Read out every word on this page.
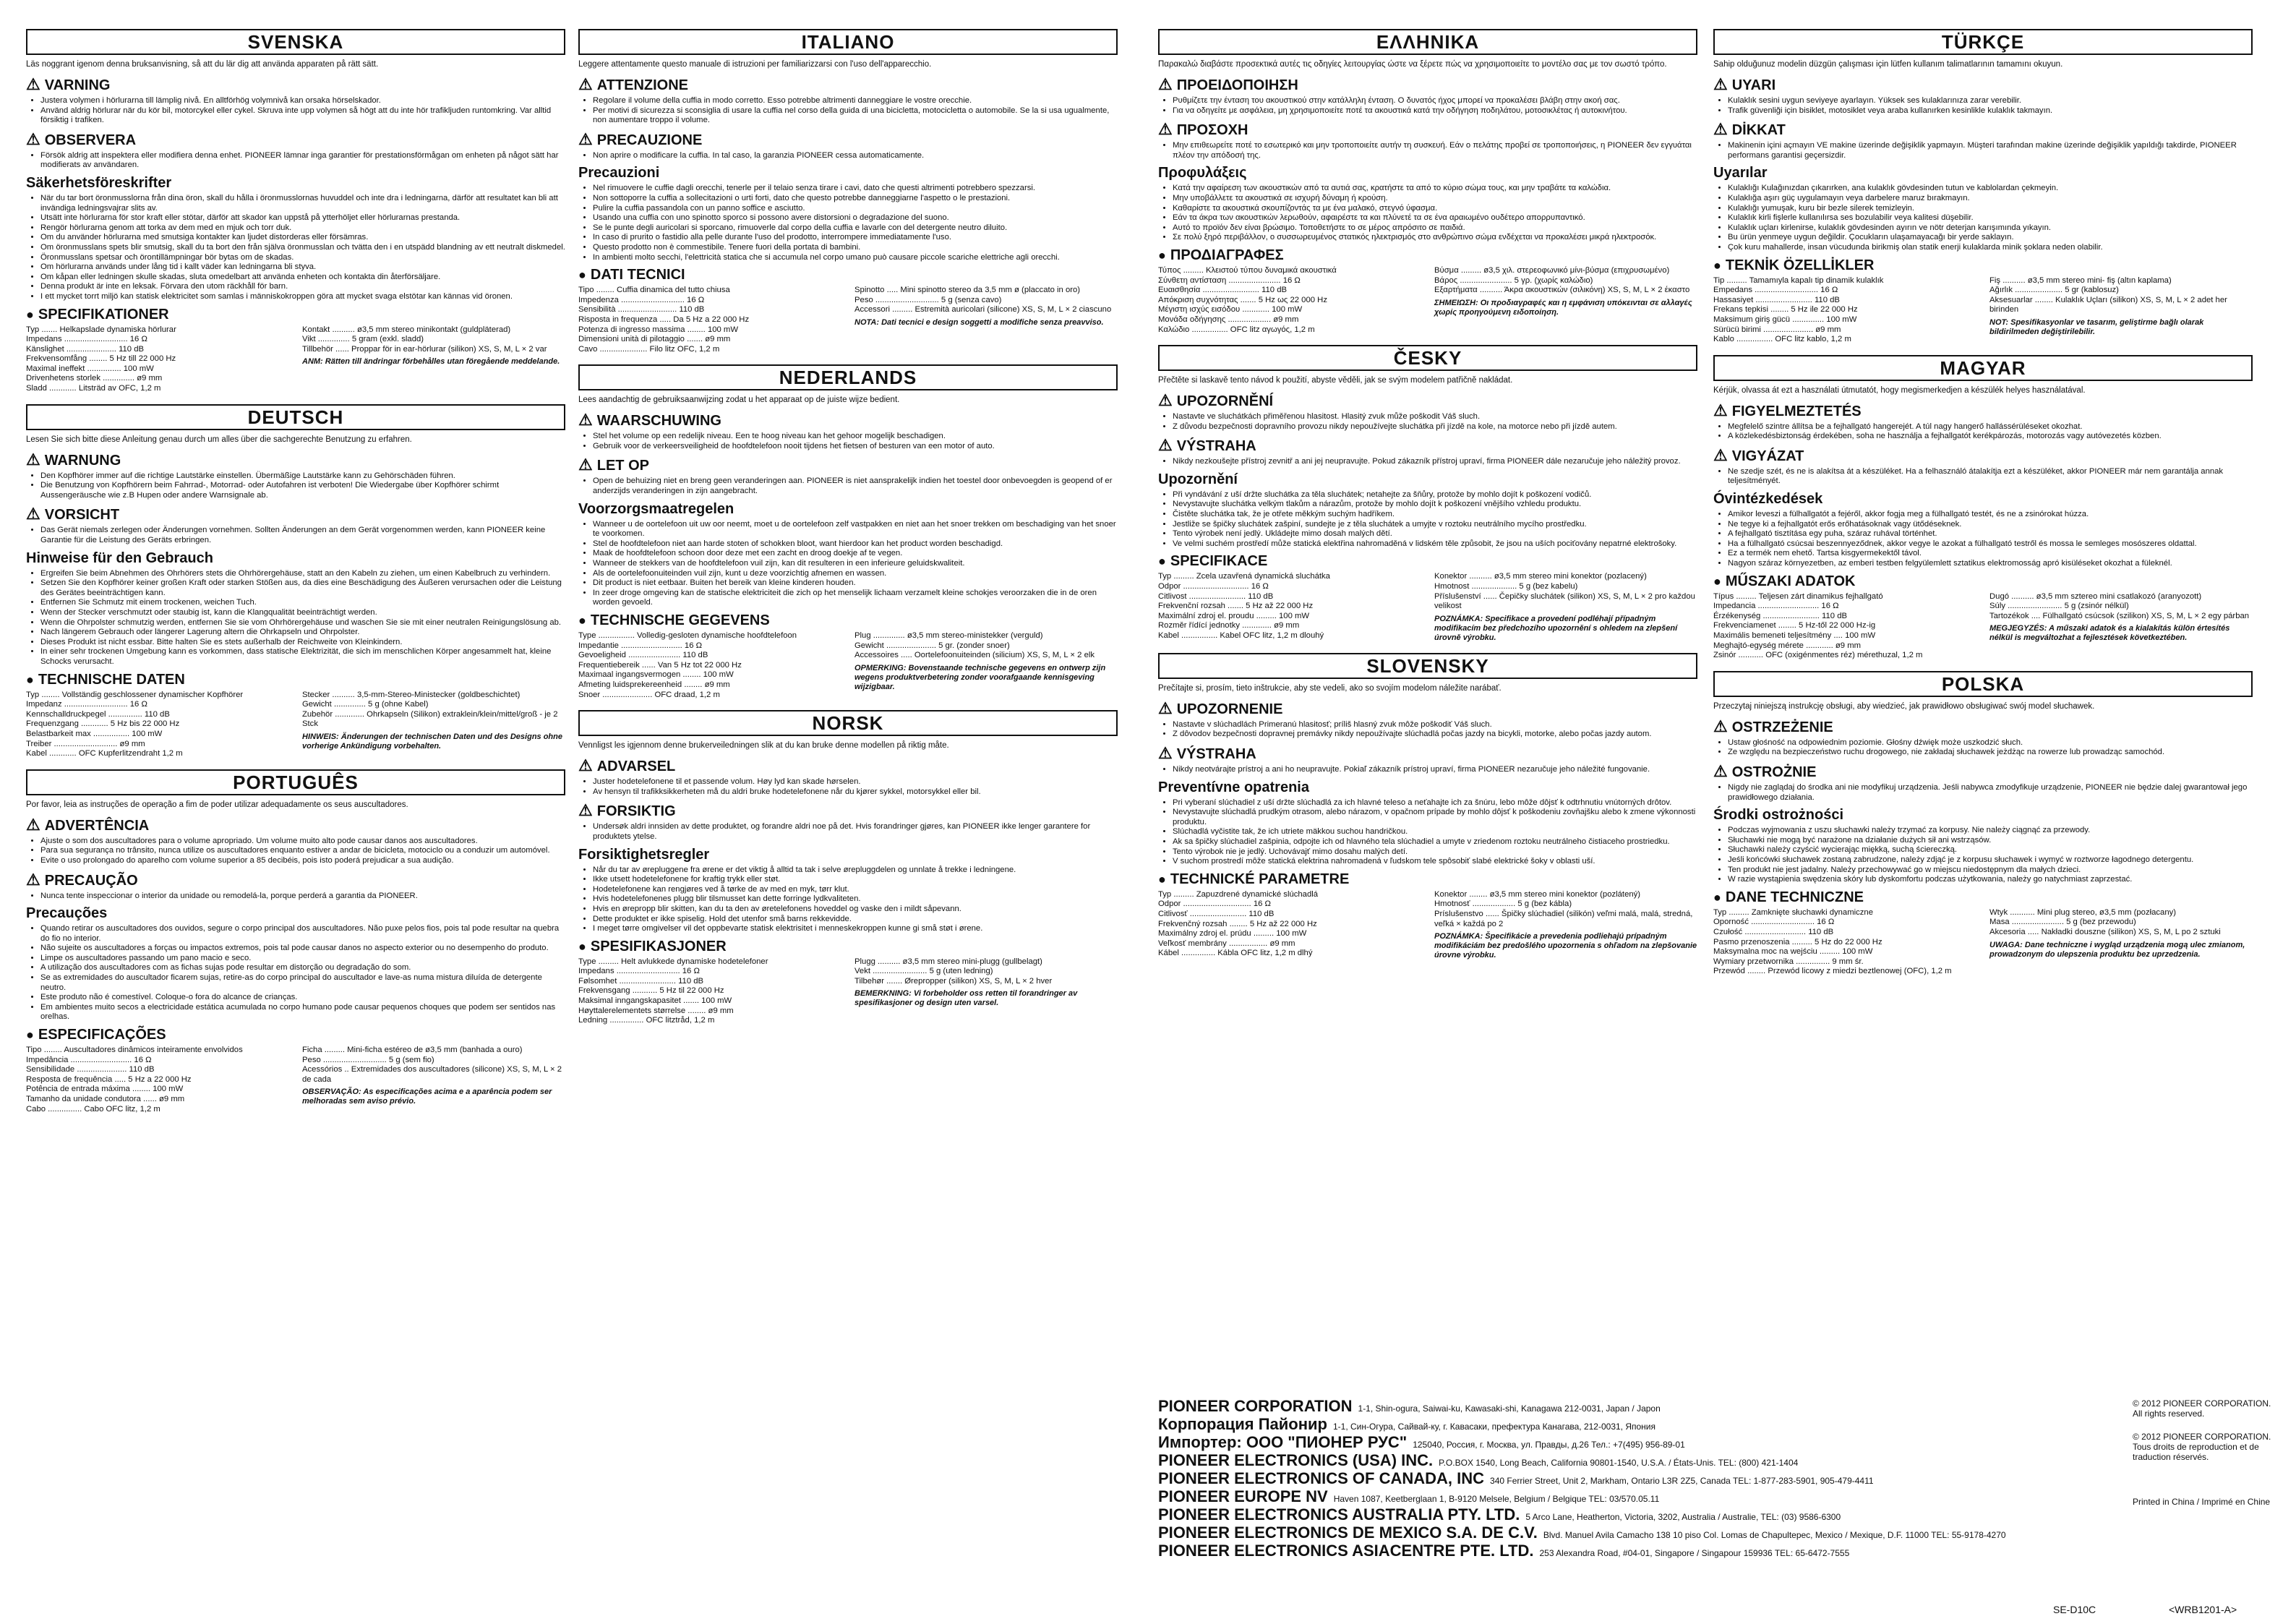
SVENSKA
Läs noggrant igenom denna bruksanvisning, så att du lär dig att använda apparaten på rätt sätt.
⚠ VARNING
• Justera volymen i hörlurarna till lämplig nivå. En alltförhög volymnivå kan orsaka hörselskador.
• Använd aldrig hörlurar när du kör bil, motorcykel eller cykel. Skruva inte upp volymen så högt att du inte hör trafikljuden runtomkring. Var alltid försiktig i trafiken.
⚠ OBSERVERA
• Försök aldrig att inspektera eller modifiera denna enhet. PIONEER lämnar inga garantier för prestationsförmågan om enheten på något sätt har modifierats av användaren.
Säkerhetsföreskrifter
• När du tar bort öronmusslorna från dina öron, skall du hålla i öronmusslornas huvuddel och inte dra i ledningarna, därför att resultatet kan bli att invändiga ledningsvajrar slits av.
• Utsätt inte hörlurarna för stor kraft eller stötar, därför att skador kan uppstå på ytterhöljet eller hörlurarnas prestanda.
• Rengör hörlurarna genom att torka av dem med en mjuk och torr duk.
• Om du använder hörlurarna med smutsiga kontakter kan ljudet distorderas eller försämras.
• Om öronmusslans spets blir smutsig, skall du ta bort den från själva öronmusslan och tvätta den i en utspädd blandning av ett neutralt diskmedel.
• Öronmusslans spetsar och örontillämpningar bör bytas om de skadas.
• Om hörlurarna används under lång tid i kallt väder kan ledningarna bli styva.
• Om kåpan eller ledningen skulle skadas, sluta omedelbart att använda enheten och kontakta din återförsäljare.
• Denna produkt är inte en leksak. Förvara den utom räckhåll för barn.
• I ett mycket torrt miljö kan statisk elektricitet som samlas i människokroppen göra att mycket svaga elstötar kan kännas vid öronen.
● SPECIFIKATIONER
Typ ....... Helkapslade dynamiska hörlurar
Impedans ............................ 16 Ω
Känslighet ...................... 110 dB
Frekvensomfång ........ 5 Hz till 22 000 Hz
Maximal ineffekt ............... 100 mW
Drivenhetens storlek .............. ø9 mm
Sladd ............ Litsträd av OFC, 1,2 m
Kontakt .......... ø3,5 mm stereo minikontakt (guldpläterad)
Vikt .............. 5 gram (exkl. sladd)
Tillbehör ...... Proppar för in ear-hörlurar (silikon) XS, S, M, L × 2 var
ANM: Rätten till ändringar förbehålles utan föregående meddelande.
DEUTSCH
Lesen Sie sich bitte diese Anleitung genau durch um alles über die sachgerechte Benutzung zu erfahren.
⚠ WARNUNG
• Den Kopfhörer immer auf die richtige Lautstärke einstellen. Übermäßige Lautstärke kann zu Gehörschäden führen.
• Die Benutzung von Kopfhörern beim Fahrrad-, Motorrad- oder Autofahren ist verboten! Die Wiedergabe über Kopfhörer schirmt Aussengeräusche wie z.B Hupen oder andere Warnsignale ab.
⚠ VORSICHT
• Das Gerät niemals zerlegen oder Änderungen vornehmen. Sollten Änderungen an dem Gerät vorgenommen werden, kann PIONEER keine Garantie für die Leistung des Geräts erbringen.
Hinweise für den Gebrauch
• Ergreifen Sie beim Abnehmen des Ohrhörers stets die Ohrhörergehäuse, statt an den Kabeln zu ziehen, um einen Kabelbruch zu verhindern.
• Setzen Sie den Kopfhörer keiner großen Kraft oder starken Stößen aus, da dies eine Beschädigung des Äußeren verursachen oder die Leistung des Gerätes beeinträchtigen kann.
• Entfernen Sie Schmutz mit einem trockenen, weichen Tuch.
• Wenn der Stecker verschmutzt oder staubig ist, kann die Klangqualität beeinträchtigt werden.
• Wenn die Ohrpolster schmutzig werden, entfernen Sie sie vom Ohrhörergehäuse und waschen Sie sie mit einer neutralen Reinigungslösung ab.
• Nach längerem Gebrauch oder längerer Lagerung altern die Ohrkapseln und Ohrpolster.
• Dieses Produkt ist nicht essbar. Bitte halten Sie es stets außerhalb der Reichweite von Kleinkindern.
• In einer sehr trockenen Umgebung kann es vorkommen, dass statische Elektrizität, die sich im menschlichen Körper angesammelt hat, kleine Schocks verursacht.
● TECHNISCHE DATEN
Typ ........ Vollständig geschlossener dynamischer Kopfhörer
Impedanz ............................ 16 Ω
Kennschalldruckpegel ............... 110 dB
Frequenzgang ............ 5 Hz bis 22 000 Hz
Belastbarkeit max ................ 100 mW
Treiber ............................ ø9 mm
Kabel ............ OFC Kupferlitzendraht 1,2 m
Stecker .......... 3,5-mm-Stereo-Ministecker (goldbeschichtet)
Gewicht .............. 5 g (ohne Kabel)
Zubehör ............. Ohrkapseln (Silikon) extraklein/klein/mittel/groß - je 2 Stck
HINWEIS: Änderungen der technischen Daten und des Designs ohne vorherige Ankündigung vorbehalten.
PORTUGUÊS
Por favor, leia as instruções de operação a fim de poder utilizar adequadamente os seus auscultadores.
⚠ ADVERTÊNCIA
• Ajuste o som dos auscultadores para o volume apropriado. Um volume muito alto pode causar danos aos auscultadores.
• Para sua segurança no trânsito, nunca utilize os auscultadores enquanto estiver a andar de bicicleta, motociclo ou a conduzir um automóvel.
• Evite o uso prolongado do aparelho com volume superior a 85 decibéis, pois isto poderá prejudicar a sua audição.
⚠ PRECAUÇÃO
• Nunca tente inspeccionar o interior da unidade ou remodelá-la, porque perderá a garantia da PIONEER.
Precauções
• Quando retirar os auscultadores dos ouvidos, segure o corpo principal dos auscultadores. Não puxe pelos fios, pois tal pode resultar na quebra do fio no interior.
• Não sujeite os auscultadores a forças ou impactos extremos, pois tal pode causar danos no aspecto exterior ou no desempenho do produto.
• Limpe os auscultadores passando um pano macio e seco.
• A utilização dos auscultadores com as fichas sujas pode resultar em distorção ou degradação do som.
• Se as extremidades do auscultador ficarem sujas, retire-as do corpo principal do auscultador e lave-as numa mistura diluída de detergente neutro.
• Este produto não é comestível. Coloque-o fora do alcance de crianças.
• Em ambientes muito secos a electricidade estática acumulada no corpo humano pode causar pequenos choques que podem ser sentidos nas orelhas.
● ESPECIFICAÇÕES
Tipo ........ Auscultadores dinâmicos inteiramente envolvidos
Impedância ........................... 16 Ω
Sensibilidade ...................... 110 dB
Resposta de frequência ..... 5 Hz a 22 000 Hz
Potência de entrada máxima ........ 100 mW
Tamanho da unidade condutora ...... ø9 mm
Cabo ............... Cabo OFC litz, 1,2 m
Ficha ......... Mini-ficha estéreo de ø3,5 mm (banhada a ouro)
Peso ............................ 5 g (sem fio)
Acessórios .. Extremidades dos auscultadores (silicone) XS, S, M, L × 2 de cada
OBSERVAÇÃO: As especificações acima e a aparência podem ser melhoradas sem aviso prévio.
ITALIANO
Leggere attentamente questo manuale di istruzioni per familiarizzarsi con l'uso dell'apparecchio.
⚠ ATTENZIONE
• Regolare il volume della cuffia in modo corretto. Esso potrebbe altrimenti danneggiare le vostre orecchie.
• Per motivi di sicurezza si sconsiglia di usare la cuffia nel corso della guida di una bicicletta, motocicletta o automobile. Se la si usa ugualmente, non aumentare troppo il volume.
⚠ PRECAUZIONE
• Non aprire o modificare la cuffia. In tal caso, la garanzia PIONEER cessa automaticamente.
Precauzioni
• Nel rimuovere le cuffie dagli orecchi, tenerle per il telaio senza tirare i cavi, dato che questi altrimenti potrebbero spezzarsi.
• Non sottoporre la cuffia a sollecitazioni o urti forti, dato che questo potrebbe danneggiarne l'aspetto o le prestazioni.
• Pulire la cuffia passandola con un panno soffice e asciutto.
• Usando una cuffia con uno spinotto sporco si possono avere distorsioni o degradazione del suono.
• Se le punte degli auricolari si sporcano, rimuoverle dal corpo della cuffia e lavarle con del detergente neutro diluito.
• In caso di prurito o fastidio alla pelle durante l'uso del prodotto, interrompere immediatamente l'uso.
• Questo prodotto non è commestibile. Tenere fuori della portata di bambini.
• In ambienti molto secchi, l'elettricità statica che si accumula nel corpo umano può causare piccole scariche elettriche agli orecchi.
● DATI TECNICI
Tipo ........ Cuffia dinamica del tutto chiusa
Impedenza ............................ 16 Ω
Sensibilità .......................... 110 dB
Risposta in frequenza ..... Da 5 Hz a 22 000 Hz
Potenza di ingresso massima ........ 100 mW
Dimensioni unità di pilotaggio ....... ø9 mm
Cavo ..................... Filo litz OFC, 1,2 m
Spinotto ..... Mini spinotto stereo da 3,5 mm ø (placcato in oro)
Peso ............................ 5 g (senza cavo)
Accessori ......... Estremità auricolari (silicone) XS, S, M, L × 2 ciascuno
NOTA: Dati tecnici e design soggetti a modifiche senza preavviso.
NEDERLANDS
Lees aandachtig de gebruiksaanwijzing zodat u het apparaat op de juiste wijze bedient.
⚠ WAARSCHUWING
• Stel het volume op een redelijk niveau. Een te hoog niveau kan het gehoor mogelijk beschadigen.
• Gebruik voor de verkeersveiligheid de hoofdtelefoon nooit tijdens het fietsen of besturen van een motor of auto.
⚠ LET OP
• Open de behuizing niet en breng geen veranderingen aan. PIONEER is niet aansprakelijk indien het toestel door onbevoegden is geopend of er anderzijds veranderingen in zijn aangebracht.
Voorzorgsmaatregelen
• Wanneer u de oortelefoon uit uw oor neemt, moet u de oortelefoon zelf vastpakken en niet aan het snoer trekken om beschadiging van het snoer te voorkomen.
• Stel de hoofdtelefoon niet aan harde stoten of schokken bloot, want hierdoor kan het product worden beschadigd.
• Maak de hoofdtelefoon schoon door deze met een zacht en droog doekje af te vegen.
• Wanneer de stekkers van de hoofdtelefoon vuil zijn, kan dit resulteren in een inferieure geluidskwaliteit.
• Als de oortelefoonuiteinden vuil zijn, kunt u deze voorzichtig afnemen en wassen.
• Dit product is niet eetbaar. Buiten het bereik van kleine kinderen houden.
• In zeer droge omgeving kan de statische elektriciteit die zich op het menselijk lichaam verzamelt kleine schokjes veroorzaken die in de oren worden gevoeld.
● TECHNISCHE GEGEVENS
Type ................ Volledig-gesloten dynamische hoofdtelefoon
Impedantie ........................... 16 Ω
Gevoeligheid ....................... 110 dB
Frequentiebereik ...... Van 5 Hz tot 22 000 Hz
Maximaal ingangsvermogen ........ 100 mW
Afmeting luidsprekereenheid ........ ø9 mm
Snoer ...................... OFC draad, 1,2 m
Plug .............. ø3,5 mm stereo-ministekker (verguld)
Gewicht ...................... 5 gr. (zonder snoer)
Accessoires ..... Oortelefoonuiteinden (silicium) XS, S, M, L × 2 elk
OPMERKING: Bovenstaande technische gegevens en ontwerp zijn wegens produktverbetering zonder voorafgaande kennisgeving wijzigbaar.
NORSK
Vennligst les igjennom denne brukerveiledningen slik at du kan bruke denne modellen på riktig måte.
⚠ ADVARSEL
• Juster hodetelefonene til et passende volum. Høy lyd kan skade hørselen.
• Av hensyn til trafikksikkerheten må du aldri bruke hodetelefonene når du kjører sykkel, motorsykkel eller bil.
⚠ FORSIKTIG
• Undersøk aldri innsiden av dette produktet, og forandre aldri noe på det. Hvis forandringer gjøres, kan PIONEER ikke lenger garantere for produktets ytelse.
Forsiktighetsregler
• Når du tar av ørepluggene fra ørene er det viktig å alltid ta tak i selve ørepluggdelen og unnlate å trekke i ledningene.
• Ikke utsett hodetelefonene for kraftig trykk eller støt.
• Hodetelefonene kan rengjøres ved å tørke de av med en myk, tørr klut.
• Hvis hodetelefonenes plugg blir tilsmusset kan dette forringe lydkvaliteten.
• Hvis en ørepropp blir skitten, kan du ta den av øretelefonens hoveddel og vaske den i mildt såpevann.
• Dette produktet er ikke spiselig. Hold det utenfor små barns rekkevidde.
• I meget tørre omgivelser vil det oppbevarte statisk elektrisitet i menneskekroppen kunne gi små støt i ørene.
● SPESIFIKASJONER
Type ......... Helt avlukkede dynamiske hodetelefoner
Impedans ............................ 16 Ω
Følsomhet ......................... 110 dB
Frekvensgang ........... 5 Hz til 22 000 Hz
Maksimal inngangskapasitet ....... 100 mW
Høyttalerelementets størrelse ........ ø9 mm
Ledning ............... OFC litztråd, 1,2 m
Plugg .......... ø3,5 mm stereo mini-plugg (gullbelagt)
Vekt ........................ 5 g (uten ledning)
Tilbehør ....... Ørepropper (silikon) XS, S, M, L × 2 hver
BEMERKNING: Vi forbeholder oss retten til forandringer av spesifikasjoner og design uten varsel.
ΕΛΛΗΝΙΚΑ
Παρακαλώ διαβάστε προσεκτικά αυτές τις οδηγίες λειτουργίας ώστε να ξέρετε πώς να χρησιμοποιείτε το μοντέλο σας με τον σωστό τρόπο.
⚠ ΠΡΟΕΙΔΟΠΟΙΗΣΗ
• Ρυθμίζετε την ένταση του ακουστικού στην κατάλληλη ένταση. Ο δυνατός ήχος μπορεί να προκαλέσει βλάβη στην ακοή σας.
• Για να οδηγείτε με ασφάλεια, μη χρησιμοποιείτε ποτέ τα ακουστικά κατά την οδήγηση ποδηλάτου, μοτοσικλέτας ή αυτοκινήτου.
⚠ ΠΡΟΣΟΧΗ
• Μην επιθεωρείτε ποτέ το εσωτερικό και μην τροποποιείτε αυτήν τη συσκευή. Εάν ο πελάτης προβεί σε τροποποιήσεις, η PIONEER δεν εγγυάται πλέον την απόδοσή της.
Προφυλάξεις
• Κατά την αφαίρεση των ακουστικών από τα αυτιά σας, κρατήστε τα από το κύριο σώμα τους, και μην τραβάτε τα καλώδια.
• Μην υποβάλλετε τα ακουστικά σε ισχυρή δύναμη ή κρούση.
• Καθαρίστε τα ακουστικά σκουπίζοντάς τα με ένα μαλακό, στεγνό ύφασμα.
• Εάν τα άκρα των ακουστικών λερωθούν, αφαιρέστε τα και πλύνετέ τα σε ένα αραιωμένο ουδέτερο απορρυπαντικό.
• Αυτό το προϊόν δεν είναι βρώσιμο. Τοποθετήστε το σε μέρος απρόσιτο σε παιδιά.
• Σε πολύ ξηρό περιβάλλον, ο συσσωρευμένος στατικός ηλεκτρισμός στο ανθρώπινο σώμα ενδέχεται να προκαλέσει μικρά ηλεκτροσόκ.
● ΠΡΟΔΙΑΓΡΑΦΕΣ
Τύπος ......... Κλειστού τύπου δυναμικά ακουστικά
Σύνθετη αντίσταση ....................... 16 Ω
Ευαισθησία ......................... 110 dB
Απόκριση συχνότητας ....... 5 Hz ως 22 000 Hz
Μέγιστη ισχύς εισόδου ............ 100 mW
Μονάδα οδήγησης ................... ø9 mm
Καλώδιο ................ OFC litz αγωγός, 1,2 m
Βύσμα ......... ø3,5 χιλ. στερεοφωνικό μίνι-βύσμα (επιχρυσωμένο)
Βάρος ....................... 5 γρ. (χωρίς καλώδιο)
Εξαρτήματα .......... Άκρα ακουστικών (σιλικόνη) XS, S, M, L × 2 έκαστο
ΣΗΜΕΙΩΣΗ: Οι προδιαγραφές και η εμφάνιση υπόκεινται σε αλλαγές χωρίς προηγούμενη ειδοποίηση.
ČESKY
Přečtěte si laskavě tento návod k použití, abyste věděli, jak se svým modelem patřičně nakládat.
⚠ UPOZORNĚNÍ
• Nastavte ve sluchátkách přiměřenou hlasitost. Hlasitý zvuk může poškodit Váš sluch.
• Z důvodu bezpečnosti dopravního provozu nikdy nepoužívejte sluchátka při jízdě na kole, na motorce nebo při jízdě autem.
⚠ VÝSTRAHA
• Nikdy nezkoušejte přístroj zevnitř a ani jej neupravujte. Pokud zákazník přístroj upraví, firma PIONEER dále nezaručuje jeho náležitý provoz.
Upozornění
• Při vyndávání z uší držte sluchátka za těla sluchátek; netahejte za šňůry, protože by mohlo dojít k poškození vodičů.
• Nevystavujte sluchátka velkým tlakům a nárazům, protože by mohlo dojít k poškození vnějšího vzhledu produktu.
• Čistěte sluchátka tak, že je otřete měkkým suchým hadříkem.
• Jestliže se špičky sluchátek zašpiní, sundejte je z těla sluchátek a umyjte v roztoku neutrálního mycího prostředku.
• Tento výrobek není jedlý. Ukládejte mimo dosah malých dětí.
• Ve velmi suchém prostředí může statická elektřina nahromaděná v lidském těle způsobit, že jsou na uších pociťovány nepatrné elektrošoky.
● SPECIFIKACE
Typ ......... Zcela uzavřená dynamická sluchátka
Odpor ............................. 16 Ω
Citlivost ......................... 110 dB
Frekvenční rozsah ....... 5 Hz až 22 000 Hz
Maximální zdroj el. proudu ......... 100 mW
Rozměr řídící jednotky ............. ø9 mm
Kabel ................ Kabel OFC litz, 1,2 m dlouhý
Konektor .......... ø3,5 mm stereo mini konektor (pozlacený)
Hmotnost .................... 5 g (bez kabelu)
Příslušenství ...... Čepičky sluchátek (silikon) XS, S, M, L × 2 pro každou velikost
POZNÁMKA: Specifikace a provedení podléhají případným modifikacím bez předchozího upozornění s ohledem na zlepšení úrovně výrobku.
SLOVENSKY
Prečítajte si, prosím, tieto inštrukcie, aby ste vedeli, ako so svojím modelom náležite narábať.
⚠ UPOZORNENIE
• Nastavte v slúchadlách Primeranú hlasitosť; príliš hlasný zvuk môže poškodiť Váš sluch.
• Z dôvodov bezpečnosti dopravnej premávky nikdy nepoužívajte slúchadlá počas jazdy na bicykli, motorke, alebo počas jazdy autom.
⚠ VÝSTRAHA
• Nikdy neotvárajte prístroj a ani ho neupravujte. Pokiaľ zákazník prístroj upraví, firma PIONEER nezaručuje jeho náležité fungovanie.
Preventívne opatrenia
• Pri vyberaní slúchadiel z uší držte slúchadlá za ich hlavné teleso a neťahajte ich za šnúru, lebo môže dôjsť k odtrhnutiu vnútorných drôtov.
• Nevystavujte slúchadlá prudkým otrasom, alebo nárazom, v opačnom prípade by mohlo dôjsť k poškodeniu zovňajšku alebo k zmene výkonnosti produktu.
• Slúchadlá vyčistite tak, že ich utriete mäkkou suchou handričkou.
• Ak sa špičky slúchadiel zašpinia, odpojte ich od hlavného tela slúchadiel a umyte v zriedenom roztoku neutrálneho čistiaceho prostriedku.
• Tento výrobok nie je jedlý. Uchovávajť mimo dosahu malých detí.
• V suchom prostredí môže statická elektrina nahromadená v ľudskom tele spôsobiť slabé elektrické šoky v oblasti uší.
● TECHNICKÉ PARAMETRE
Typ ......... Zapuzdrené dynamické slúchadlá
Odpor .............................. 16 Ω
Citlivosť ......................... 110 dB
Frekvenčný rozsah ........ 5 Hz až 22 000 Hz
Maximálny zdroj el. prúdu ......... 100 mW
Veľkosť membrány ................. ø9 mm
Kábel ............... Kábla OFC litz, 1,2 m dlhý
Konektor ........ ø3,5 mm stereo mini konektor (pozlátený)
Hmotnosť ................... 5 g (bez kábla)
Príslušenstvo ...... Špičky slúchadiel (silikón) veľmi malá, malá, stredná, veľká × každá po 2
POZNÁMKA: Špecifikácie a prevedenia podliehajú prípadným modifikáciám bez predošlého upozornenia s ohľadom na zlepšovanie úrovne výrobku.
TÜRKÇE
Sahip olduğunuz modelin düzgün çalışması için lütfen kullanım talimatlarının tamamını okuyun.
⚠ UYARI
• Kulaklık sesini uygun seviyeye ayarlayın. Yüksek ses kulaklarınıza zarar verebilir.
• Trafik güvenliği için bisiklet, motosiklet veya araba kullanırken kesinlikle kulaklık takmayın.
⚠ DİKKAT
• Makinenin içini açmayın VE makine üzerinde değişiklik yapmayın. Müşteri tarafından makine üzerinde değişiklik yapıldığı takdirde, PIONEER performans garantisi geçersizdir.
Uyarılar
• Kulaklığı Kulağınızdan çıkarırken, ana kulaklık gövdesinden tutun ve kablolardan çekmeyin.
• Kulaklığa aşırı güç uygulamayın veya darbelere maruz bırakmayın.
• Kulaklığı yumuşak, kuru bir bezle silerek temizleyin.
• Kulaklık kirli fişlerle kullanılırsa ses bozulabilir veya kalitesi düşebilir.
• Kulaklık uçları kirlenirse, kulaklık gövdesinden ayırın ve nötr deterjan karışımında yıkayın.
• Bu ürün yenmeye uygun değildir. Çocukların ulaşamayacağı bir yerde saklayın.
• Çok kuru mahallerde, insan vücudunda birikmiş olan statik enerji kulaklarda minik şoklara neden olabilir.
● TEKNİK ÖZELLİKLER
Tip ......... Tamamıyla kapalı tip dinamik kulaklık
Empedans ............................ 16 Ω
Hassasiyet ......................... 110 dB
Frekans tepkisi ........ 5 Hz ile 22 000 Hz
Maksimum giriş gücü .............. 100 mW
Sürücü birimi ...................... ø9 mm
Kablo ................ OFC litz kablo, 1,2 m
Fiş .......... ø3,5 mm stereo mini- fiş (altın kaplama)
Ağırlık ..................... 5 gr (kablosuz)
Aksesuarlar ........ Kulaklık Uçları (silikon) XS, S, M, L × 2 adet her birinden
NOT: Spesifikasyonlar ve tasarım, geliştirme bağlı olarak bildirilmeden değiştirilebilir.
MAGYAR
Kérjük, olvassa át ezt a használati útmutatót, hogy megismerkedjen a készülék helyes használatával.
⚠ FIGYELMEZTETÉS
• Megfelelő szintre állítsa be a fejhallgató hangerejét. A túl nagy hangerő hallássérüléseket okozhat.
• A közlekedésbiztonság érdekében, soha ne használja a fejhallgatót kerékpározás, motorozás vagy autóvezetés közben.
⚠ VIGYÁZAT
• Ne szedje szét, és ne is alakítsa át a készüléket. Ha a felhasználó átalakítja ezt a készüléket, akkor PIONEER már nem garantálja annak teljesítményét.
Óvintézkedések
• Amikor leveszi a fülhallgatót a fejéről, akkor fogja meg a fülhallgató testét, és ne a zsinórokat húzza.
• Ne tegye ki a fejhallgatót erős erőhatásoknak vagy ütődéseknek.
• A fejhallgató tisztítása egy puha, száraz ruhával történhet.
• Ha a fülhallgató csúcsai beszennyeződnek, akkor vegye le azokat a fülhallgató testről és mossa le semleges mosószeres oldattal.
• Ez a termék nem ehető. Tartsa kisgyermekektől távol.
• Nagyon száraz környezetben, az emberi testben felgyülemlett sztatikus elektromosság apró kisüléseket okozhat a füleknél.
● MŰSZAKI ADATOK
Típus ......... Teljesen zárt dinamikus fejhallgató
Impedancia ........................... 16 Ω
Érzékenység ......................... 110 dB
Frekvenciamenet ........ 5 Hz-től 22 000 Hz-ig
Maximális bemeneti teljesítmény .... 100 mW
Meghajtó-egység mérete ............ ø9 mm
Zsinór ........... OFC (oxigénmentes réz) mérethuzal, 1,2 m
Dugó .......... ø3,5 mm sztereo mini csatlakozó (aranyozott)
Súly ........................ 5 g (zsinór nélkül)
Tartozékok .... Fülhallgató csúcsok (szilikon) XS, S, M, L × 2 egy párban
MEGJEGYZÉS: A műszaki adatok és a kialakítás külön értesítés nélkül is megváltozhat a fejlesztések következtében.
POLSKA
Przeczytaj niniejszą instrukcję obsługi, aby wiedzieć, jak prawidłowo obsługiwać swój model słuchawek.
⚠ OSTRZEŻENIE
• Ustaw głośność na odpowiednim poziomie. Głośny dźwięk może uszkodzić słuch.
• Ze względu na bezpieczeństwo ruchu drogowego, nie zakładaj słuchawek jeżdżąc na rowerze lub prowadząc samochód.
⚠ OSTROŻNIE
• Nigdy nie zaglądaj do środka ani nie modyfikuj urządzenia. Jeśli nabywca zmodyfikuje urządzenie, PIONEER nie będzie dalej gwarantował jego prawidłowego działania.
Środki ostrożności
• Podczas wyjmowania z uszu słuchawki należy trzymać za korpusy. Nie należy ciągnąć za przewody.
• Słuchawki nie mogą być narażone na działanie dużych sił ani wstrząsów.
• Słuchawki należy czyścić wycierając miękką, suchą ściereczką.
• Jeśli końcówki słuchawek zostaną zabrudzone, należy zdjąć je z korpusu słuchawek i wymyć w roztworze łagodnego detergentu.
• Ten produkt nie jest jadalny. Należy przechowywać go w miejscu niedostępnym dla małych dzieci.
• W razie wystąpienia swędzenia skóry lub dyskomfortu podczas użytkowania, należy go natychmiast zaprzestać.
● DANE TECHNICZNE
Typ ......... Zamknięte słuchawki dynamiczne
Oporność ............................ 16 Ω
Czułość ........................... 110 dB
Pasmo przenoszenia ......... 5 Hz do 22 000 Hz
Maksymalna moc na wejściu ......... 100 mW
Wymiary przetwornika ............... 9 mm śr.
Przewód ........ Przewód licowy z miedzi beztlenowej (OFC), 1,2 m
Wtyk ........... Mini plug stereo, ø3,5 mm (pozłacany)
Masa ....................... 5 g (bez przewodu)
Akcesoria ..... Nakładki douszne (silikon) XS, S, M, L po 2 sztuki
UWAGA: Dane techniczne i wygląd urządzenia mogą ulec zmianom, prowadzonym do ulepszenia produktu bez uprzedzenia.
PIONEER CORPORATION 1-1, Shin-ogura, Saiwai-ku, Kawasaki-shi, Kanagawa 212-0031, Japan / Japon
Корпорация Пайонир 1-1, Син-Огура, Сайвай-ку, г. Кавасаки, префектура Канагава, 212-0031, Япония
Импортер: ООО "ПИОНЕР РУС" 125040, Россия, г. Москва, ул. Правды, д.26 Тел.: +7(495) 956-89-01
PIONEER ELECTRONICS (USA) INC. P.O.BOX 1540, Long Beach, California 90801-1540, U.S.A. / États-Unis. TEL: (800) 421-1404
PIONEER ELECTRONICS OF CANADA, INC 340 Ferrier Street, Unit 2, Markham, Ontario L3R 2Z5, Canada TEL: 1-877-283-5901, 905-479-4411
PIONEER EUROPE NV Haven 1087, Keetberglaan 1, B-9120 Melsele, Belgium / Belgique TEL: 03/570.05.11
PIONEER ELECTRONICS AUSTRALIA PTY. LTD. 5 Arco Lane, Heatherton, Victoria, 3202, Australia / Australie, TEL: (03) 9586-6300
PIONEER ELECTRONICS DE MEXICO S.A. DE C.V. Blvd. Manuel Avila Camacho 138 10 piso Col. Lomas de Chapultepec, Mexico / Mexique, D.F. 11000 TEL: 55-9178-4270
PIONEER ELECTRONICS ASIACENTRE PTE. LTD. 253 Alexandra Road, #04-01, Singapore / Singapour 159936 TEL: 65-6472-7555
© 2012 PIONEER CORPORATION. All rights reserved.
© 2012 PIONEER CORPORATION. Tous droits de reproduction et de traduction réservés.
Printed in China / Imprimé en Chine
SE-D10C	<WRB1201-A>
